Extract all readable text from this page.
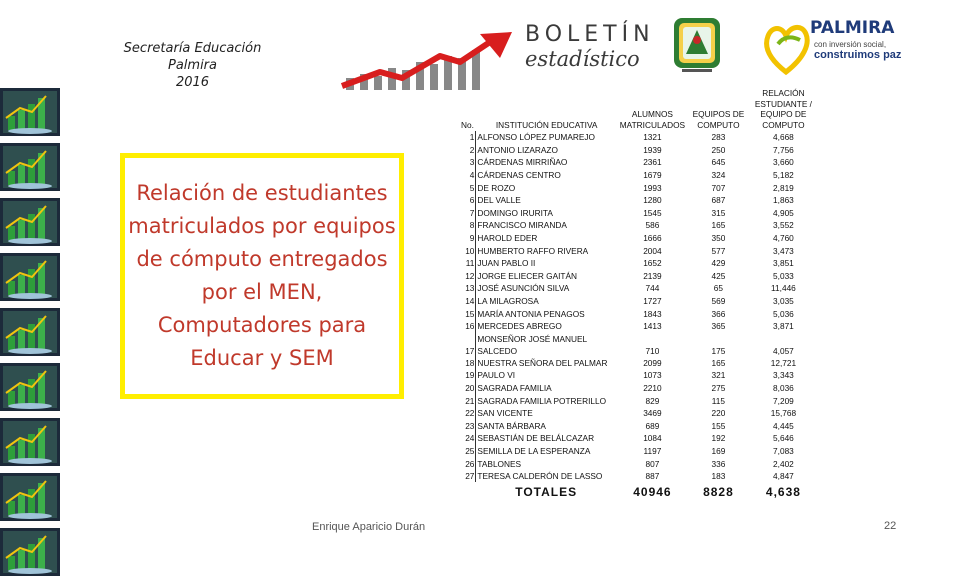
Secretaría Educación
Palmira
2016
BOLETÍN
estadístico
PALMIRA
con inversión social,
construimos paz

Relación de estudiantes matriculados por equipos de cómputo entregados por el MEN, Computadores para Educar y SEM

No.	INSTITUCIÓN EDUCATIVA	ALUMNOS MATRICULADOS	EQUIPOS DE COMPUTO	RELACIÓN ESTUDIANTE / EQUIPO DE COMPUTO
1	ALFONSO LÓPEZ PUMAREJO	1321	283	4,668
2	ANTONIO LIZARAZO	1939	250	7,756
3	CÁRDENAS MIRRIÑAO	2361	645	3,660
4	CÁRDENAS CENTRO	1679	324	5,182
5	DE ROZO	1993	707	2,819
6	DEL VALLE	1280	687	1,863
7	DOMINGO IRURITA	1545	315	4,905
8	FRANCISCO MIRANDA	586	165	3,552
9	HAROLD EDER	1666	350	4,760
10	HUMBERTO RAFFO RIVERA	2004	577	3,473
11	JUAN PABLO II	1652	429	3,851
12	JORGE ELIECER GAITÁN	2139	425	5,033
13	JOSÉ ASUNCIÓN SILVA	744	65	11,446
14	LA MILAGROSA	1727	569	3,035
15	MARÍA ANTONIA PENAGOS	1843	366	5,036
16	MERCEDES ABREGO	1413	365	3,871
17	MONSEÑOR JOSÉ MANUEL SALCEDO	710	175	4,057
18	NUESTRA SEÑORA DEL PALMAR	2099	165	12,721
19	PAULO VI	1073	321	3,343
20	SAGRADA FAMILIA	2210	275	8,036
21	SAGRADA FAMILIA POTRERILLO	829	115	7,209
22	SAN VICENTE	3469	220	15,768
23	SANTA BÁRBARA	689	155	4,445
24	SEBASTIÁN DE BELÁLCAZAR	1084	192	5,646
25	SEMILLA DE LA ESPERANZA	1197	169	7,083
26	TABLONES	807	336	2,402
27	TERESA CALDERÓN DE LASSO	887	183	4,847
	TOTALES	40946	8828	4,638
Enrique Aparicio Durán	22
